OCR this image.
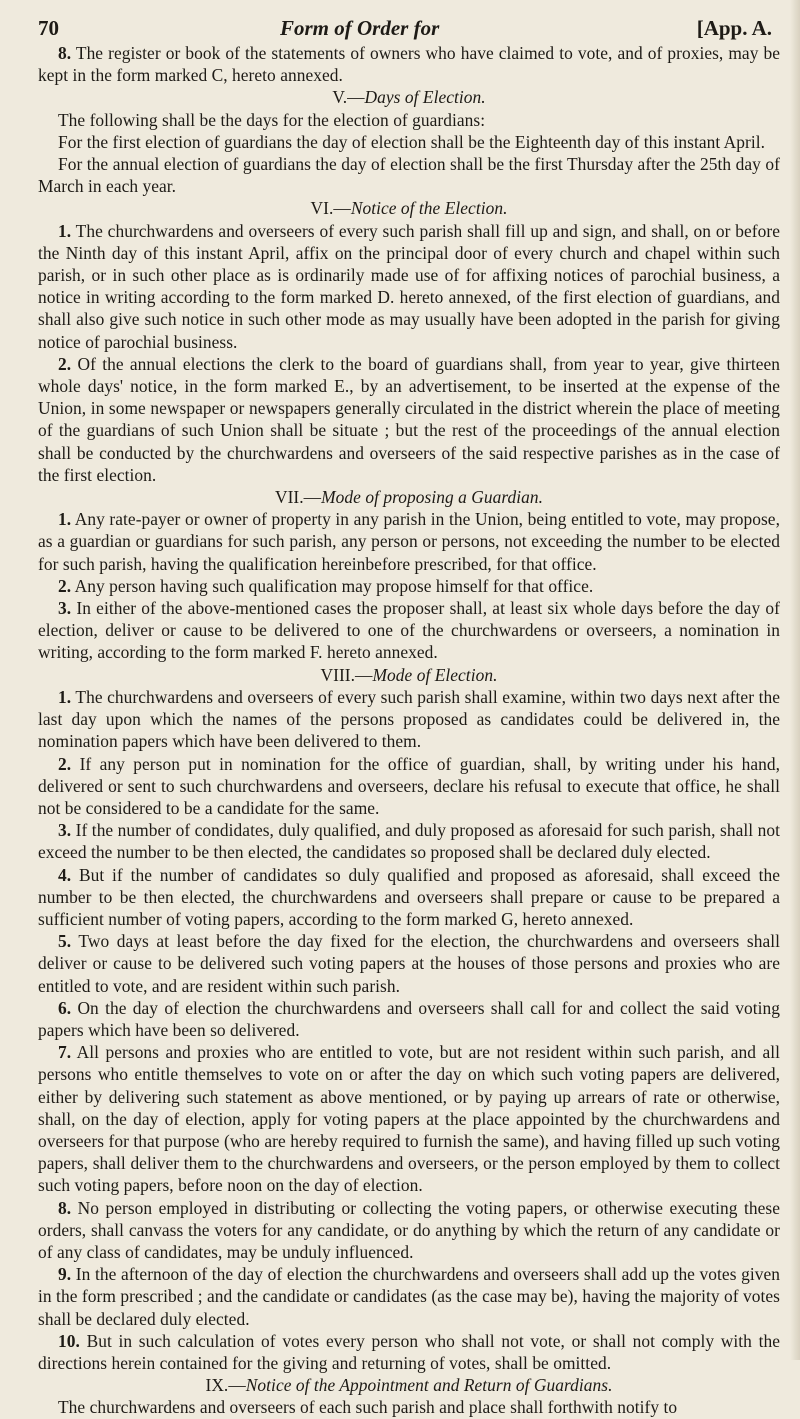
70	Form of Order for	[App. A.

8. The register or book of the statements of owners who have claimed to vote, and of proxies, may be kept in the form marked C, hereto annexed.

V.—Days of Election.

The following shall be the days for the election of guardians:

For the first election of guardians the day of election shall be the Eighteenth day of this instant April.

For the annual election of guardians the day of election shall be the first Thursday after the 25th day of March in each year.

VI.—Notice of the Election.

1. The churchwardens and overseers of every such parish shall fill up and sign, and shall, on or before the Ninth day of this instant April, affix on the principal door of every church and chapel within such parish, or in such other place as is ordinarily made use of for affixing notices of parochial business, a notice in writing according to the form marked D. hereto annexed, of the first election of guardians, and shall also give such notice in such other mode as may usually have been adopted in the parish for giving notice of parochial business.

2. Of the annual elections the clerk to the board of guardians shall, from year to year, give thirteen whole days' notice, in the form marked E., by an advertisement, to be inserted at the expense of the Union, in some newspaper or newspapers generally circulated in the district wherein the place of meeting of the guardians of such Union shall be situate ; but the rest of the proceedings of the annual election shall be conducted by the churchwardens and overseers of the said respective parishes as in the case of the first election.

VII.—Mode of proposing a Guardian.

1. Any rate-payer or owner of property in any parish in the Union, being entitled to vote, may propose, as a guardian or guardians for such parish, any person or persons, not exceeding the number to be elected for such parish, having the qualification hereinbefore prescribed, for that office.

2. Any person having such qualification may propose himself for that office.

3. In either of the above-mentioned cases the proposer shall, at least six whole days before the day of election, deliver or cause to be delivered to one of the churchwardens or overseers, a nomination in writing, according to the form marked F. hereto annexed.

VIII.—Mode of Election.

1. The churchwardens and overseers of every such parish shall examine, within two days next after the last day upon which the names of the persons proposed as candidates could be delivered in, the nomination papers which have been delivered to them.

2. If any person put in nomination for the office of guardian, shall, by writing under his hand, delivered or sent to such churchwardens and overseers, declare his refusal to execute that office, he shall not be considered to be a candidate for the same.

3. If the number of condidates, duly qualified, and duly proposed as aforesaid for such parish, shall not exceed the number to be then elected, the candidates so proposed shall be declared duly elected.

4. But if the number of candidates so duly qualified and proposed as aforesaid, shall exceed the number to be then elected, the churchwardens and overseers shall prepare or cause to be prepared a sufficient number of voting papers, according to the form marked G, hereto annexed.

5. Two days at least before the day fixed for the election, the churchwardens and overseers shall deliver or cause to be delivered such voting papers at the houses of those persons and proxies who are entitled to vote, and are resident within such parish.

6. On the day of election the churchwardens and overseers shall call for and collect the said voting papers which have been so delivered.

7. All persons and proxies who are entitled to vote, but are not resident within such parish, and all persons who entitle themselves to vote on or after the day on which such voting papers are delivered, either by delivering such statement as above mentioned, or by paying up arrears of rate or otherwise, shall, on the day of election, apply for voting papers at the place appointed by the churchwardens and overseers for that purpose (who are hereby required to furnish the same), and having filled up such voting papers, shall deliver them to the churchwardens and overseers, or the person employed by them to collect such voting papers, before noon on the day of election.

8. No person employed in distributing or collecting the voting papers, or otherwise executing these orders, shall canvass the voters for any candidate, or do anything by which the return of any candidate or of any class of candidates, may be unduly influenced.

9. In the afternoon of the day of election the churchwardens and overseers shall add up the votes given in the form prescribed ; and the candidate or candidates (as the case may be), having the majority of votes shall be declared duly elected.

10. But in such calculation of votes every person who shall not vote, or shall not comply with the directions herein contained for the giving and returning of votes, shall be omitted.

IX.—Notice of the Appointment and Return of Guardians.

The churchwardens and overseers of each such parish and place shall forthwith notify to
